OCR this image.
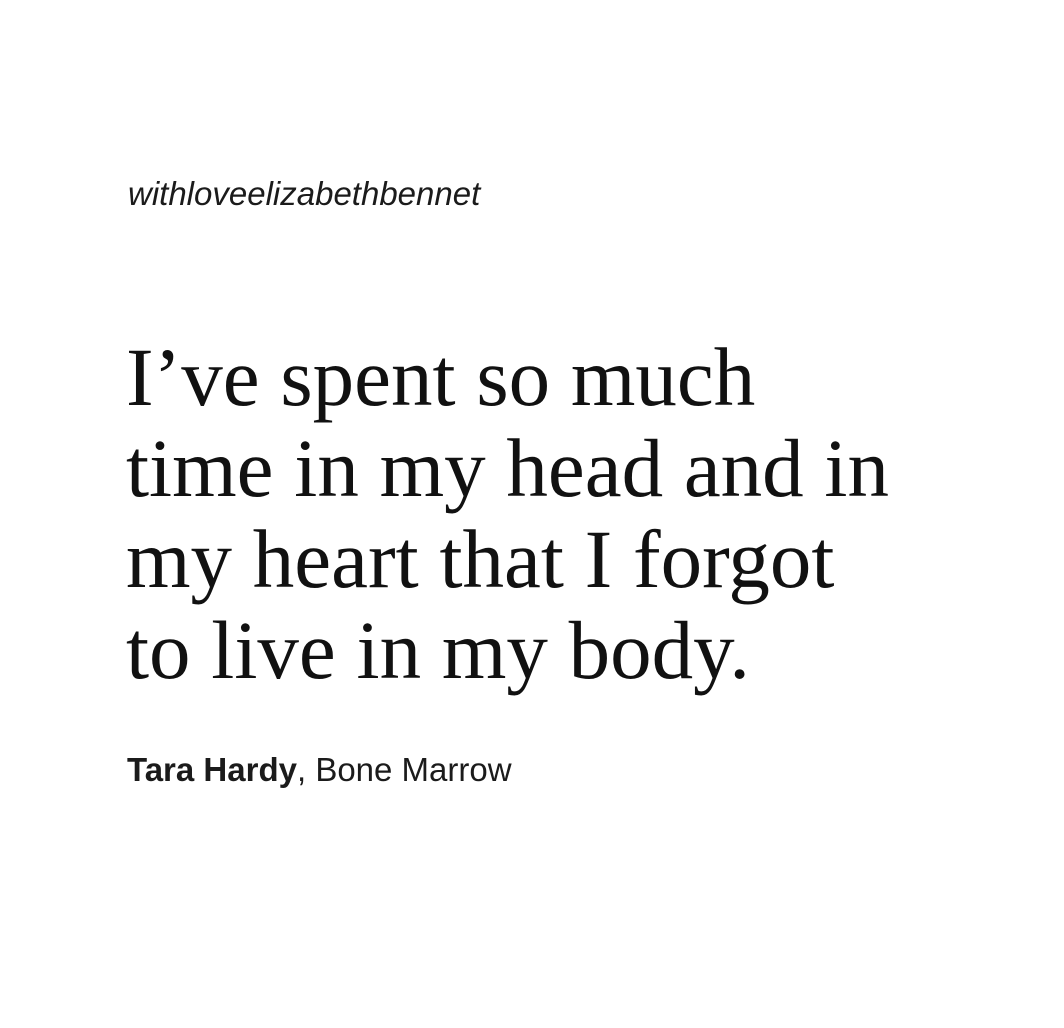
withloveelizabethbennet
I’ve spent so much
time in my head and in
my heart that I forgot
to live in my body.
Tara Hardy, Bone Marrow
